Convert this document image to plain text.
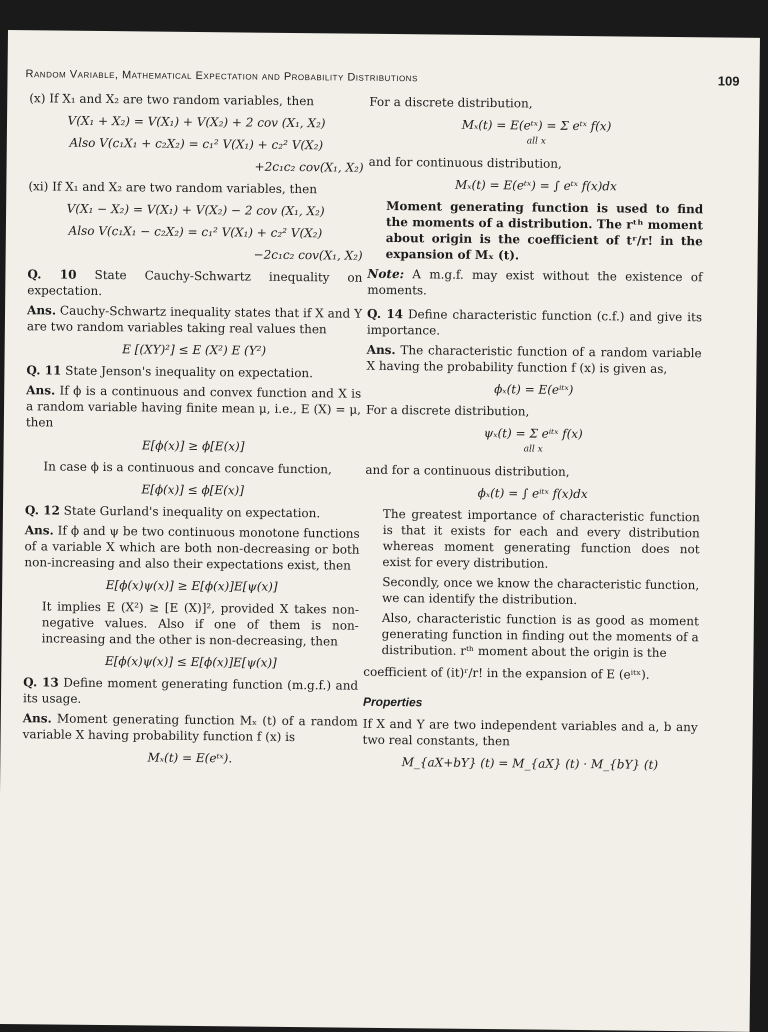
Random Variable, Mathematical Expectation and Probability Distributions	109

(x) If X₁ and X₂ are two random variables, then

V(X₁ + X₂) = V(X₁) + V(X₂) + 2 cov (X₁, X₂)
Also V(c₁X₁ + c₂X₂) = c₁² V(X₁) + c₂² V(X₂)
+2c₁c₂ cov(X₁, X₂)

(xi) If X₁ and X₂ are two random variables, then

V(X₁ − X₂) = V(X₁) + V(X₂) − 2 cov (X₁, X₂)
Also V(c₁X₁ − c₂X₂) = c₁² V(X₁) + c₂² V(X₂)
−2c₁c₂ cov(X₁, X₂)

Q. 10 State Cauchy-Schwartz inequality on expectation.

Ans. Cauchy-Schwartz inequality states that if X and Y are two random variables taking real values then

E [(XY)²] ≤ E (X²) E (Y²)

Q. 11 State Jenson's inequality on expectation.

Ans. If ϕ is a continuous and convex function and X is a random variable having finite mean μ, i.e., E (X) = μ, then

E[ϕ(x)] ≥ ϕ[E(x)]

In case ϕ is a continuous and concave function,

E[ϕ(x)] ≤ ϕ[E(x)]

Q. 12 State Gurland's inequality on expectation.

Ans. If ϕ and ψ be two continuous monotone functions of a variable X which are both non-decreasing or both non-increasing and also their expectations exist, then

E[ϕ(x)ψ(x)] ≥ E[ϕ(x)]E[ψ(x)]

It implies E (X²) ≥ [E (X)]², provided X takes non-negative values. Also if one of them is non-increasing and the other is non-decreasing, then

E[ϕ(x)ψ(x)] ≤ E[ϕ(x)]E[ψ(x)]

Q. 13 Define moment generating function (m.g.f.) and its usage.

Ans. Moment generating function Mₓ (t) of a random variable X having probability function f (x) is

Mₓ(t) = E(eᵗˣ).

For a discrete distribution,

Mₓ(t) = E(eᵗˣ) = Σ eᵗˣ f(x)
all x

and for continuous distribution,

Mₓ(t) = E(eᵗˣ) = ∫ eᵗˣ f(x)dx

Moment generating function is used to find the moments of a distribution. The rᵗʰ moment about origin is the coefficient of tʳ/r! in the expansion of Mₓ (t).

Note: A m.g.f. may exist without the existence of moments.

Q. 14 Define characteristic function (c.f.) and give its importance.

Ans. The characteristic function of a random variable X having the probability function f (x) is given as,

ϕₓ(t) = E(eⁱᵗˣ)

For a discrete distribution,

ψₓ(t) = Σ eⁱᵗˣ f(x)
all x

and for a continuous distribution,

ϕₓ(t) = ∫ eⁱᵗˣ f(x)dx

The greatest importance of characteristic function is that it exists for each and every distribution whereas moment generating function does not exist for every distribution.

Secondly, once we know the characteristic function, we can identify the distribution.

Also, characteristic function is as good as moment generating function in finding out the moments of a distribution. rᵗʰ moment about the origin is the

coefficient of (it)ʳ/r! in the expansion of E (eⁱᵗˣ).

Properties

If X and Y are two independent variables and a, b any two real constants, then

M_{aX+bY} (t) = M_{aX} (t) · M_{bY} (t)
